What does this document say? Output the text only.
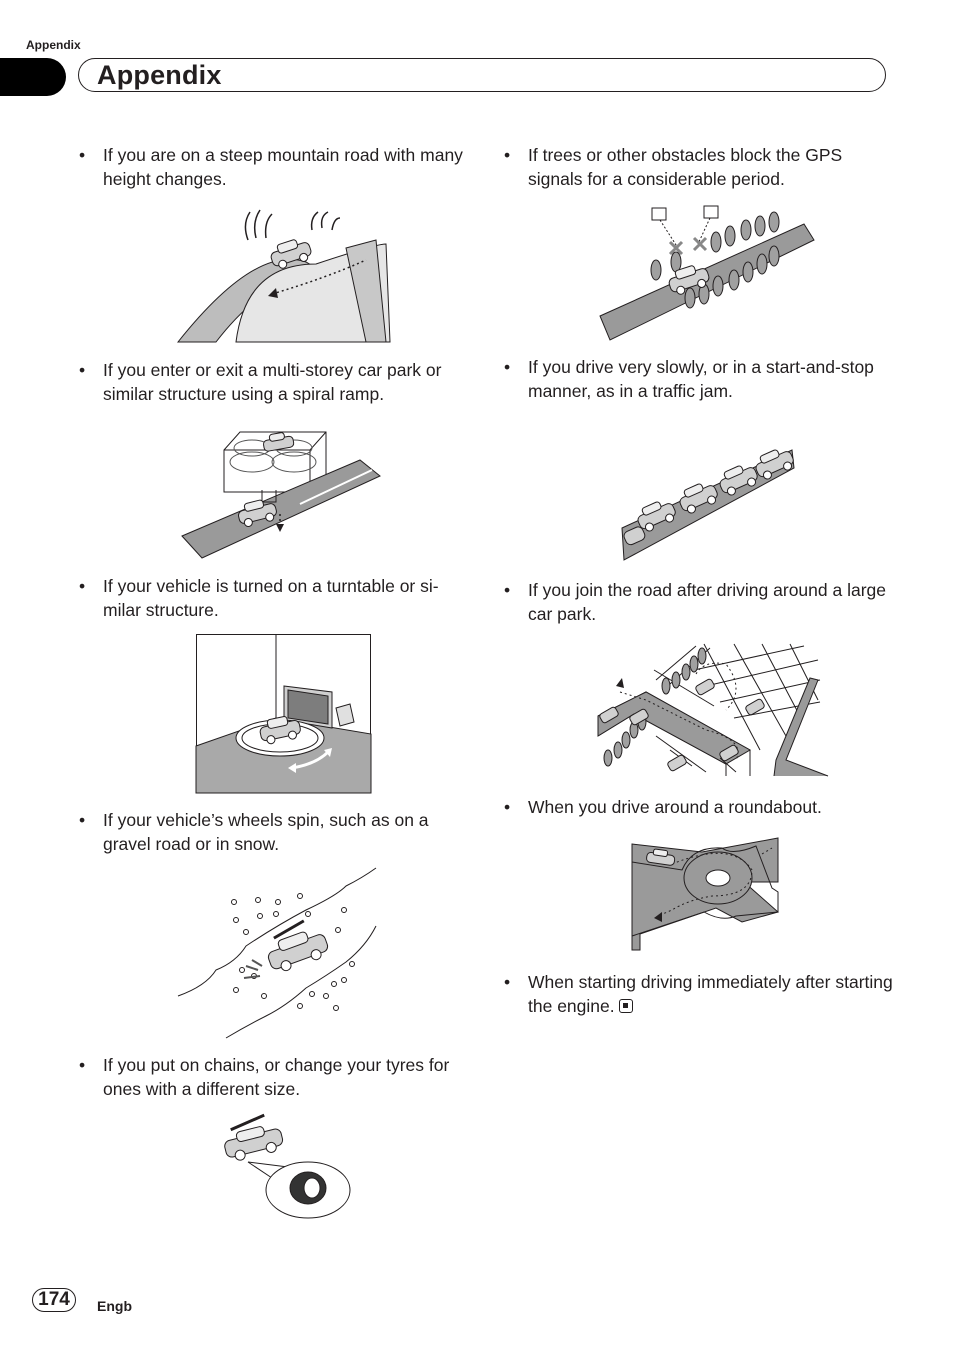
Appendix
Appendix
• If you are on a steep mountain road with many height changes.
• If you enter or exit a multi-storey car park or similar structure using a spiral ramp.
• If your vehicle is turned on a turntable or si-milar structure.
• If your vehicle’s wheels spin, such as on a gravel road or in snow.
• If you put on chains, or change your tyres for ones with a different size.
• If trees or other obstacles block the GPS signals for a considerable period.
• If you drive very slowly, or in a start-and-stop manner, as in a traffic jam.
• If you join the road after driving around a large car park.
• When you drive around a roundabout.
• When starting driving immediately after starting the engine.
174	Engb
